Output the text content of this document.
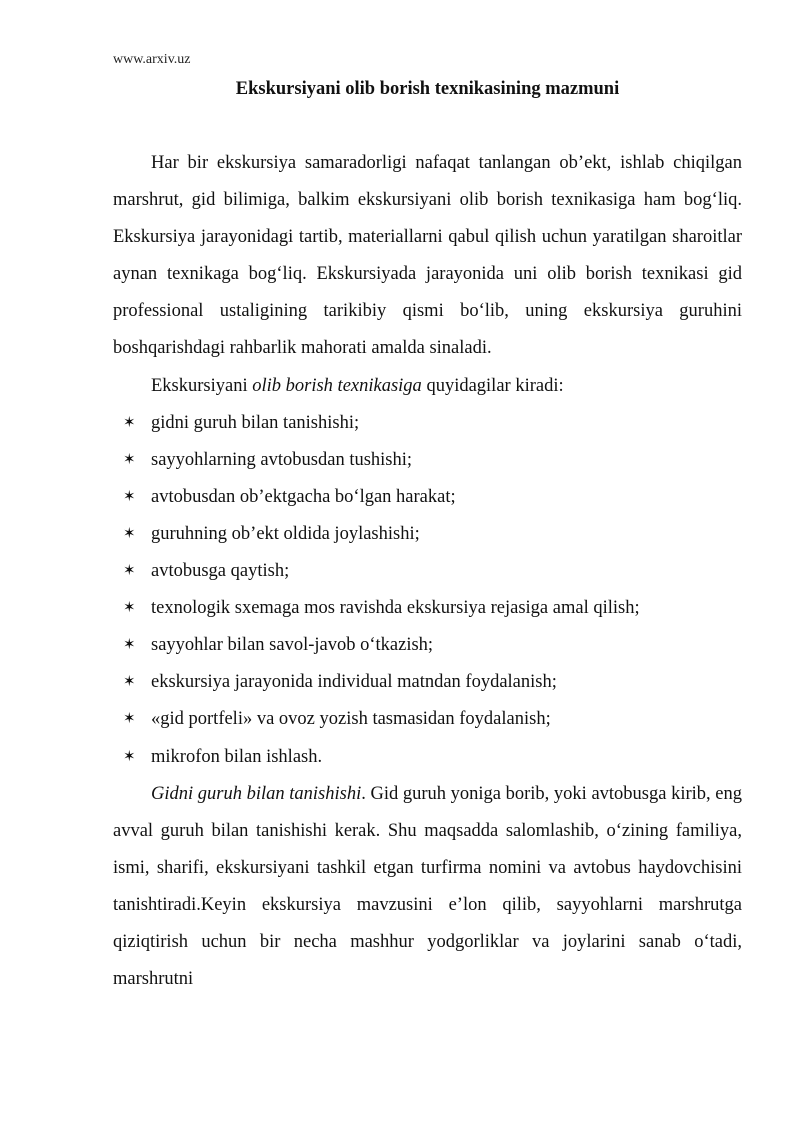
www.arxiv.uz
Ekskursiyani olib borish texnikasining mazmuni

Har bir ekskursiya samaradorligi nafaqat tanlangan ob’ekt, ishlab chiqilgan marshrut, gid bilimiga, balkim ekskursiyani olib borish texnikasiga ham bog‘liq. Ekskursiya jarayonidagi tartib, materiallarni qabul qilish uchun yaratilgan sharoitlar aynan texnikaga bog‘liq. Ekskursiyada jarayonida uni olib borish texnikasi gid professional ustaligining tarikibiy qismi bo‘lib, uning ekskursiya guruhini boshqarishdagi rahbarlik mahorati amalda sinaladi.

Ekskursiyani olib borish texnikasiga quyidagilar kiradi:

✶ gidni guruh bilan tanishishi;
✶ sayyohlarning avtobusdan tushishi;
✶ avtobusdan ob’ektgacha bo‘lgan harakat;
✶ guruhning ob’ekt oldida joylashishi;
✶ avtobusga qaytish;
✶ texnologik sxemaga mos ravishda ekskursiya rejasiga amal qilish;
✶ sayyohlar bilan savol-javob o‘tkazish;
✶ ekskursiya jarayonida individual matndan foydalanish;
✶ «gid portfeli» va ovoz yozish tasmasidan foydalanish;
✶ mikrofon bilan ishlash.

Gidni guruh bilan tanishishi. Gid guruh yoniga borib, yoki avtobusga kirib, eng avval guruh bilan tanishishi kerak. Shu maqsadda salomlashib, o‘zining familiya, ismi, sharifi, ekskursiyani tashkil etgan turfirma nomini va avtobus haydovchisini tanishtiradi.Keyin ekskursiya mavzusini e’lon qilib, sayyohlarni marshrutga qiziqtirish uchun bir necha mashhur yodgorliklar va joylarini sanab o‘tadi, marshrutni
